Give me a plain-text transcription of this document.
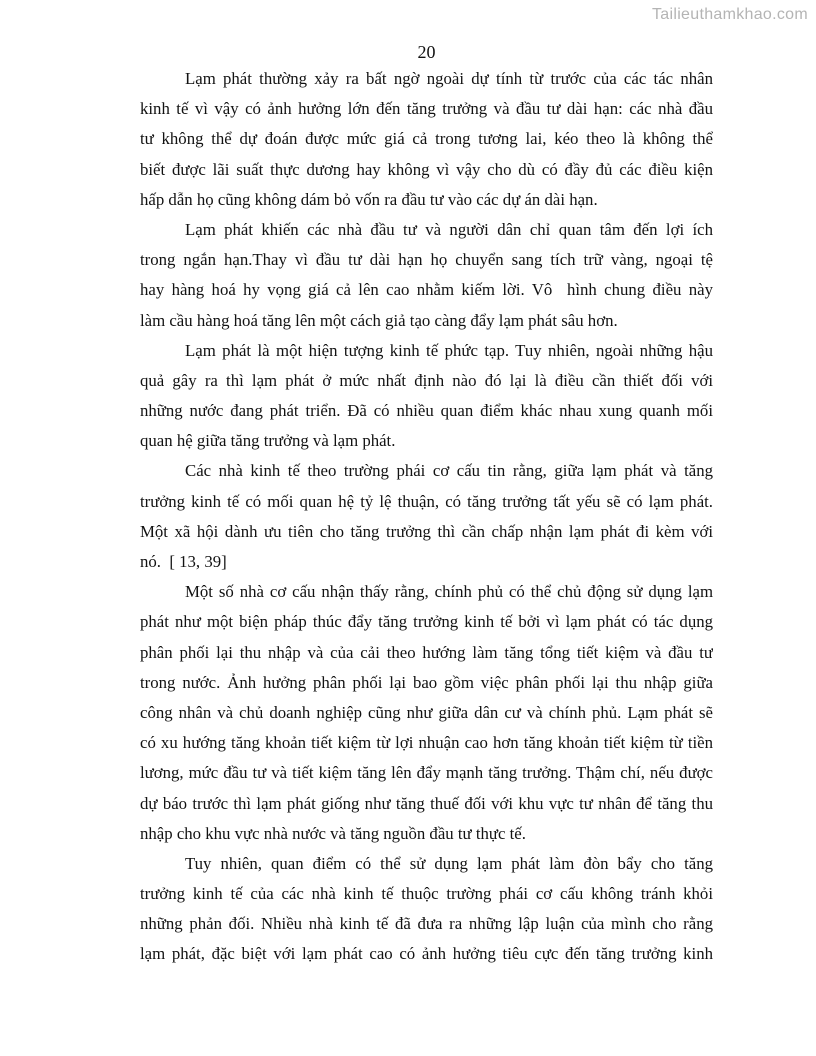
Tailieuthamkhao.com
20
Lạm phát thường xảy ra bất ngờ ngoài dự tính từ trước của các tác nhân
kinh tế vì vậy có ảnh hưởng lớn đến tăng trưởng và đầu tư dài hạn: các nhà đầu
tư không thể dự đoán được mức giá cả trong tương lai, kéo theo là không thể
biết được lãi suất thực dương hay không vì vậy cho dù có đầy đủ các điều kiện
hấp dẫn họ cũng không dám bỏ vốn ra đầu tư vào các dự án dài hạn.
Lạm phát khiến các nhà đầu tư và người dân chỉ quan tâm đến lợi ích
trong ngắn hạn.Thay vì đầu tư dài hạn họ chuyển sang tích trữ vàng, ngoại tệ
hay hàng hoá hy vọng giá cả lên cao nhằm kiếm lời. Vô  hình chung điều này
làm cầu hàng hoá tăng lên một cách giả tạo càng đẩy lạm phát sâu hơn.
Lạm phát là một hiện tượng kinh tế phức tạp. Tuy nhiên, ngoài những hậu
quả gây ra thì lạm phát ở mức nhất định nào đó lại là điều cần thiết đối với
những nước đang phát triển. Đã có nhiều quan điểm khác nhau xung quanh mối
quan hệ giữa tăng trưởng và lạm phát.
Các nhà kinh tế theo trường phái cơ cấu tin rằng, giữa lạm phát và tăng
trưởng kinh tế có mối quan hệ tỷ lệ thuận, có tăng trưởng tất yếu sẽ có lạm phát.
Một xã hội dành ưu tiên cho tăng trưởng thì cần chấp nhận lạm phát đi kèm với
nó.  [ 13, 39]
Một số nhà cơ cấu nhận thấy rằng, chính phủ có thể chủ động sử dụng lạm
phát như một biện pháp thúc đẩy tăng trưởng kinh tế bởi vì lạm phát có tác dụng
phân phối lại thu nhập và của cải theo hướng làm tăng tổng tiết kiệm và đầu tư
trong nước. Ảnh hưởng phân phối lại bao gồm việc phân phối lại thu nhập giữa
công nhân và chủ doanh nghiệp cũng như giữa dân cư và chính phủ. Lạm phát sẽ
có xu hướng tăng khoản tiết kiệm từ lợi nhuận cao hơn tăng khoản tiết kiệm từ tiền
lương, mức đầu tư và tiết kiệm tăng lên đẩy mạnh tăng trưởng. Thậm chí, nếu được
dự báo trước thì lạm phát giống như tăng thuế đối với khu vực tư nhân để tăng thu
nhập cho khu vực nhà nước và tăng nguồn đầu tư thực tế.
Tuy nhiên, quan điểm có thể sử dụng lạm phát làm đòn bẩy cho tăng
trưởng kinh tế của các nhà kinh tế thuộc trường phái cơ cấu không tránh khỏi
những phản đối. Nhiều nhà kinh tế đã đưa ra những lập luận của mình cho rằng
lạm phát, đặc biệt với lạm phát cao có ảnh hưởng tiêu cực đến tăng trưởng kinh
